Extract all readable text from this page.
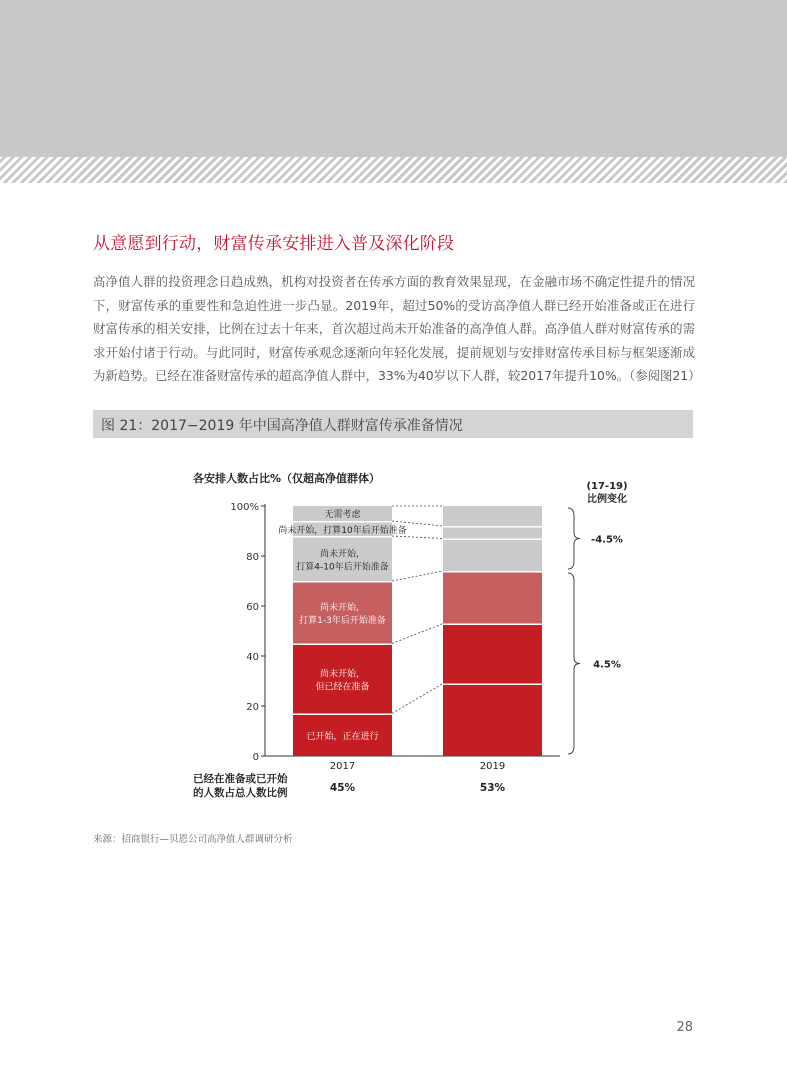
从意愿到行动，财富传承安排进入普及深化阶段

高净值人群的投资理念日趋成熟，机构对投资者在传承方面的教育效果显现，在金融市场不确定性提升的情况下，财富传承的重要性和急迫性进一步凸显。2019年，超过50%的受访高净值人群已经开始准备或正在进行财富传承的相关安排，比例在过去十年来，首次超过尚未开始准备的高净值人群。高净值人群对财富传承的需求开始付诸于行动。与此同时，财富传承观念逐渐向年轻化发展，提前规划与安排财富传承目标与框架逐渐成为新趋势。已经在准备财富传承的超高净值人群中，33%为40岁以下人群，较2017年提升10%。（参阅图21）

图 21：2017−2019 年中国高净值人群财富传承准备情况
各安排人数占比%（仅超高净值群体）
0
20
40
60
80
100%
已开始，正在进行
尚未开始，
但已经在准备
尚未开始，
打算1-3年后开始准备
尚未开始，
打算4-10年后开始准备
尚未开始，打算10年后开始准备
无需考虑
2017	2019
(17-19)
比例变化
-4.5%
4.5%
已经在准备或已开始
的人数占总人数比例	45%	53%
来源：招商银行—贝恩公司高净值人群调研分析
28
